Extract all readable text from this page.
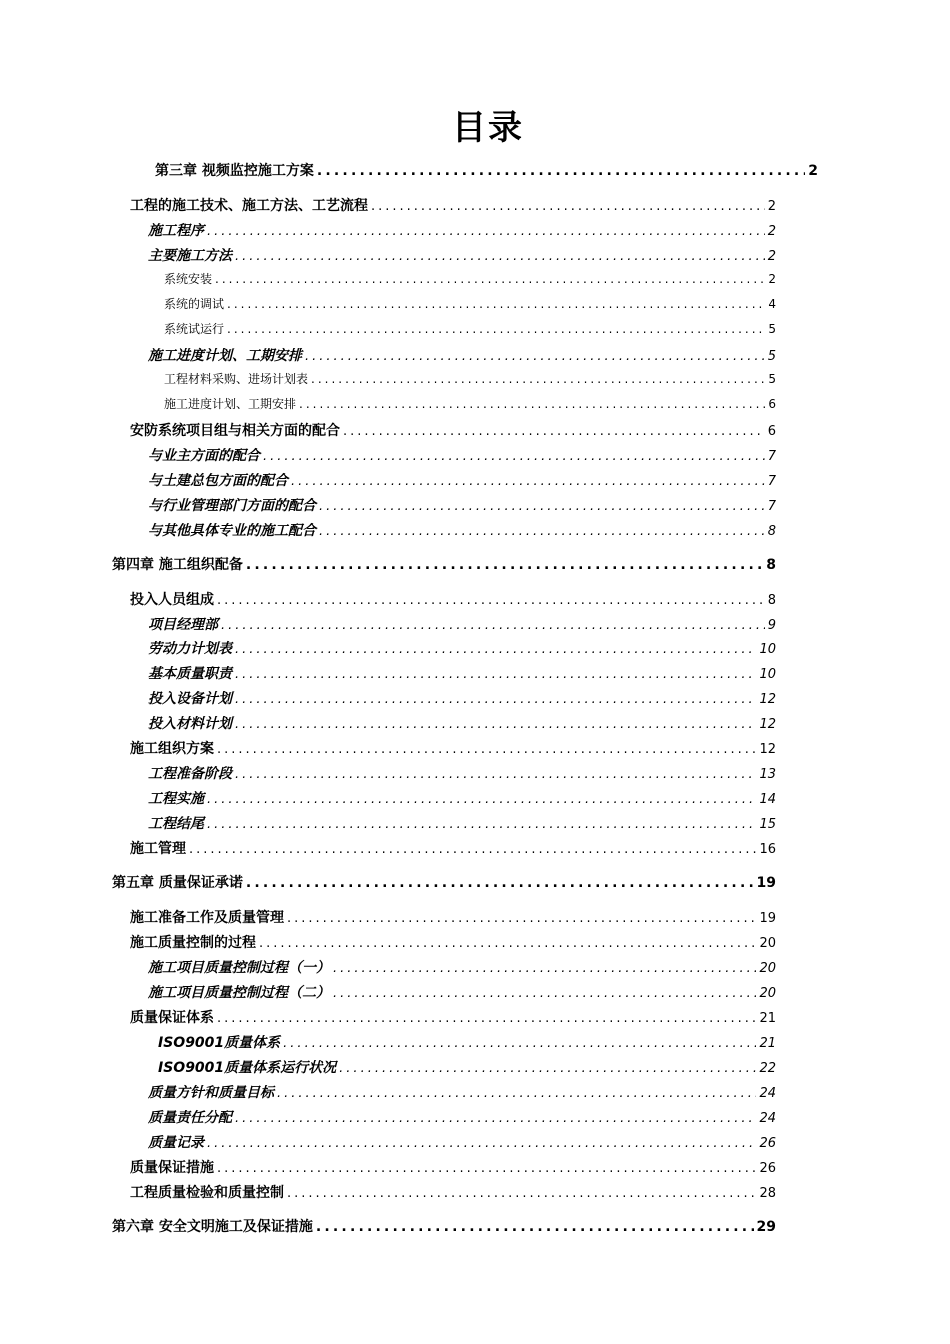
目录
第三章 视频监控施工方案 .....	2
工程的施工技术、施工方法、工艺流程 .....	2
施工程序 .....	2
主要施工方法 .....	2
系统安装 .....	2
系统的调试 .....	4
系统试运行 .....	5
施工进度计划、工期安排 .....	5
工程材料采购、进场计划表 .....	5
施工进度计划、工期安排 .....	6
安防系统项目组与相关方面的配合 .....	6
与业主方面的配合 .....	7
与土建总包方面的配合 .....	7
与行业管理部门方面的配合 .....	7
与其他具体专业的施工配合 .....	8
第四章 施工组织配备 .....	8
投入人员组成 .....	8
项目经理部 .....	9
劳动力计划表 .....	10
基本质量职责 .....	10
投入设备计划 .....	12
投入材料计划 .....	12
施工组织方案 .....	12
工程准备阶段 .....	13
工程实施 .....	14
工程结尾 .....	15
施工管理 .....	16
第五章 质量保证承诺 .....	19
施工准备工作及质量管理 .....	19
施工质量控制的过程 .....	20
施工项目质量控制过程（一） .....	20
施工项目质量控制过程（二） .....	20
质量保证体系 .....	21
ISO9001质量体系 .....	21
ISO9001质量体系运行状况 .....	22
质量方针和质量目标 .....	24
质量责任分配 .....	24
质量记录 .....	26
质量保证措施 .....	26
工程质量检验和质量控制 .....	28
第六章 安全文明施工及保证措施 .....	29
